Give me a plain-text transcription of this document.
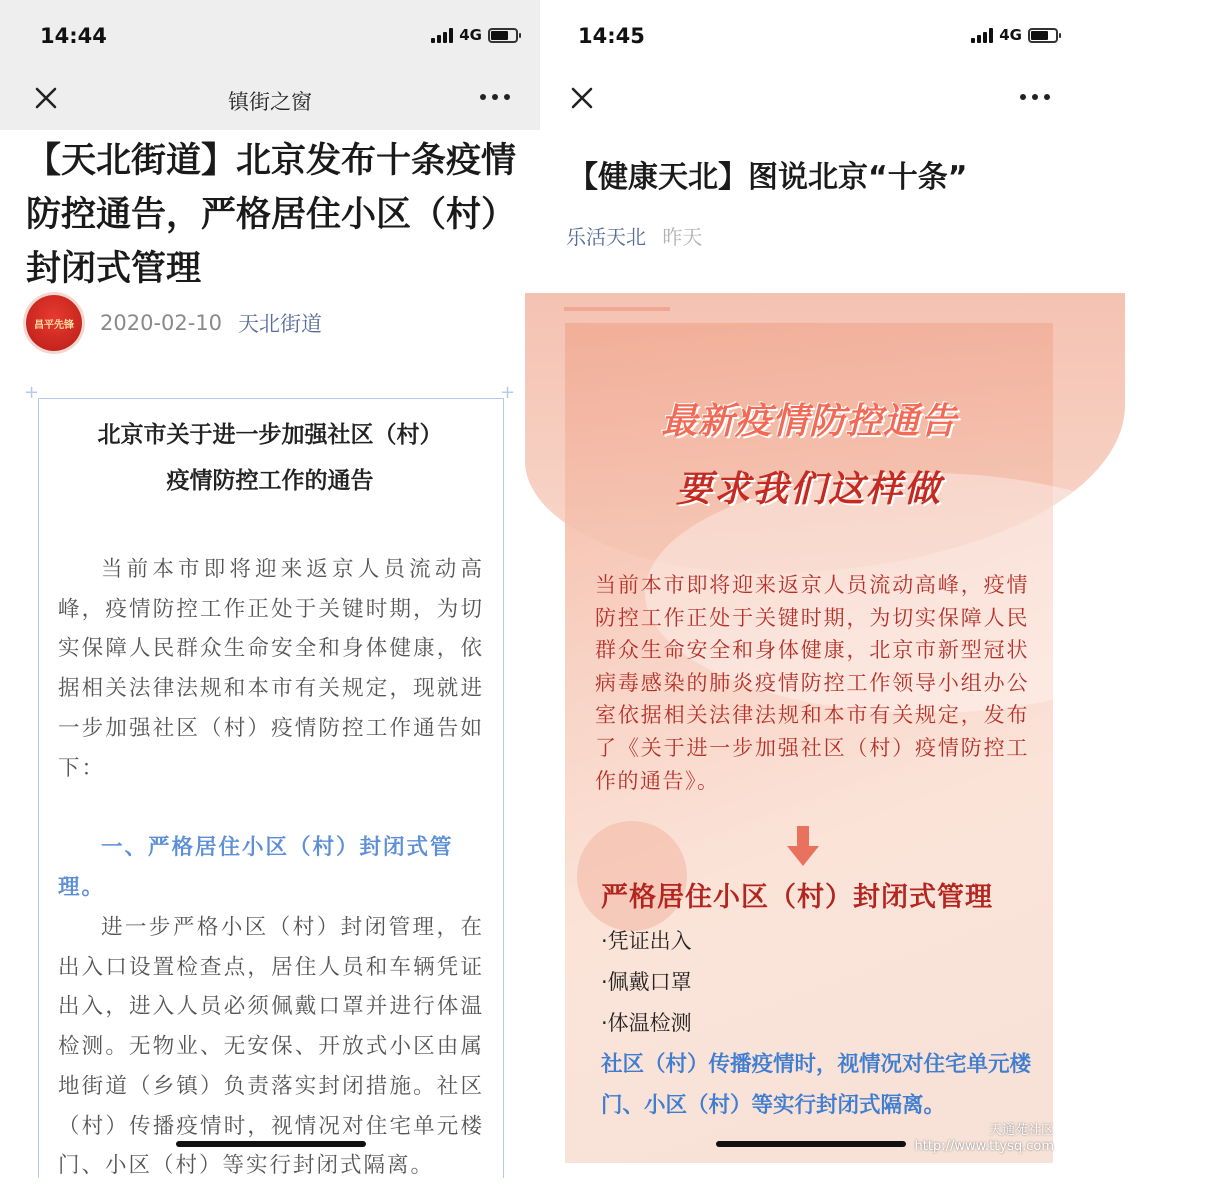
14:44	4G
镇街之窗
【天北街道】北京发布十条疫情防控通告，严格居住小区（村）封闭式管理
昌平先锋 2020-02-10 天北街道
+	+
北京市关于进一步加强社区（村）
疫情防控工作的通告
当前本市即将迎来返京人员流动高峰，疫情防控工作正处于关键时期，为切实保障人民群众生命安全和身体健康，依据相关法律法规和本市有关规定，现就进一步加强社区（村）疫情防控工作通告如下：
一、严格居住小区（村）封闭式管理。
进一步严格小区（村）封闭管理，在出入口设置检查点，居住人员和车辆凭证出入，进入人员必须佩戴口罩并进行体温检测。无物业、无安保、开放式小区由属地街道（乡镇）负责落实封闭措施。社区（村）传播疫情时，视情况对住宅单元楼门、小区（村）等实行封闭式隔离。
14:45	4G
【健康天北】图说北京“十条”
乐活天北 昨天
最新疫情防控通告
要求我们这样做
当前本市即将迎来返京人员流动高峰，疫情防控工作正处于关键时期，为切实保障人民群众生命安全和身体健康，北京市新型冠状病毒感染的肺炎疫情防控工作领导小组办公室依据相关法律法规和本市有关规定，发布了《关于进一步加强社区（村）疫情防控工作的通告》。
严格居住小区（村）封闭式管理
·凭证出入
·佩戴口罩
·体温检测
社区（村）传播疫情时，视情况对住宅单元楼门、小区（村）等实行封闭式隔离。
天通苑社区
http://www.ttysq.com
